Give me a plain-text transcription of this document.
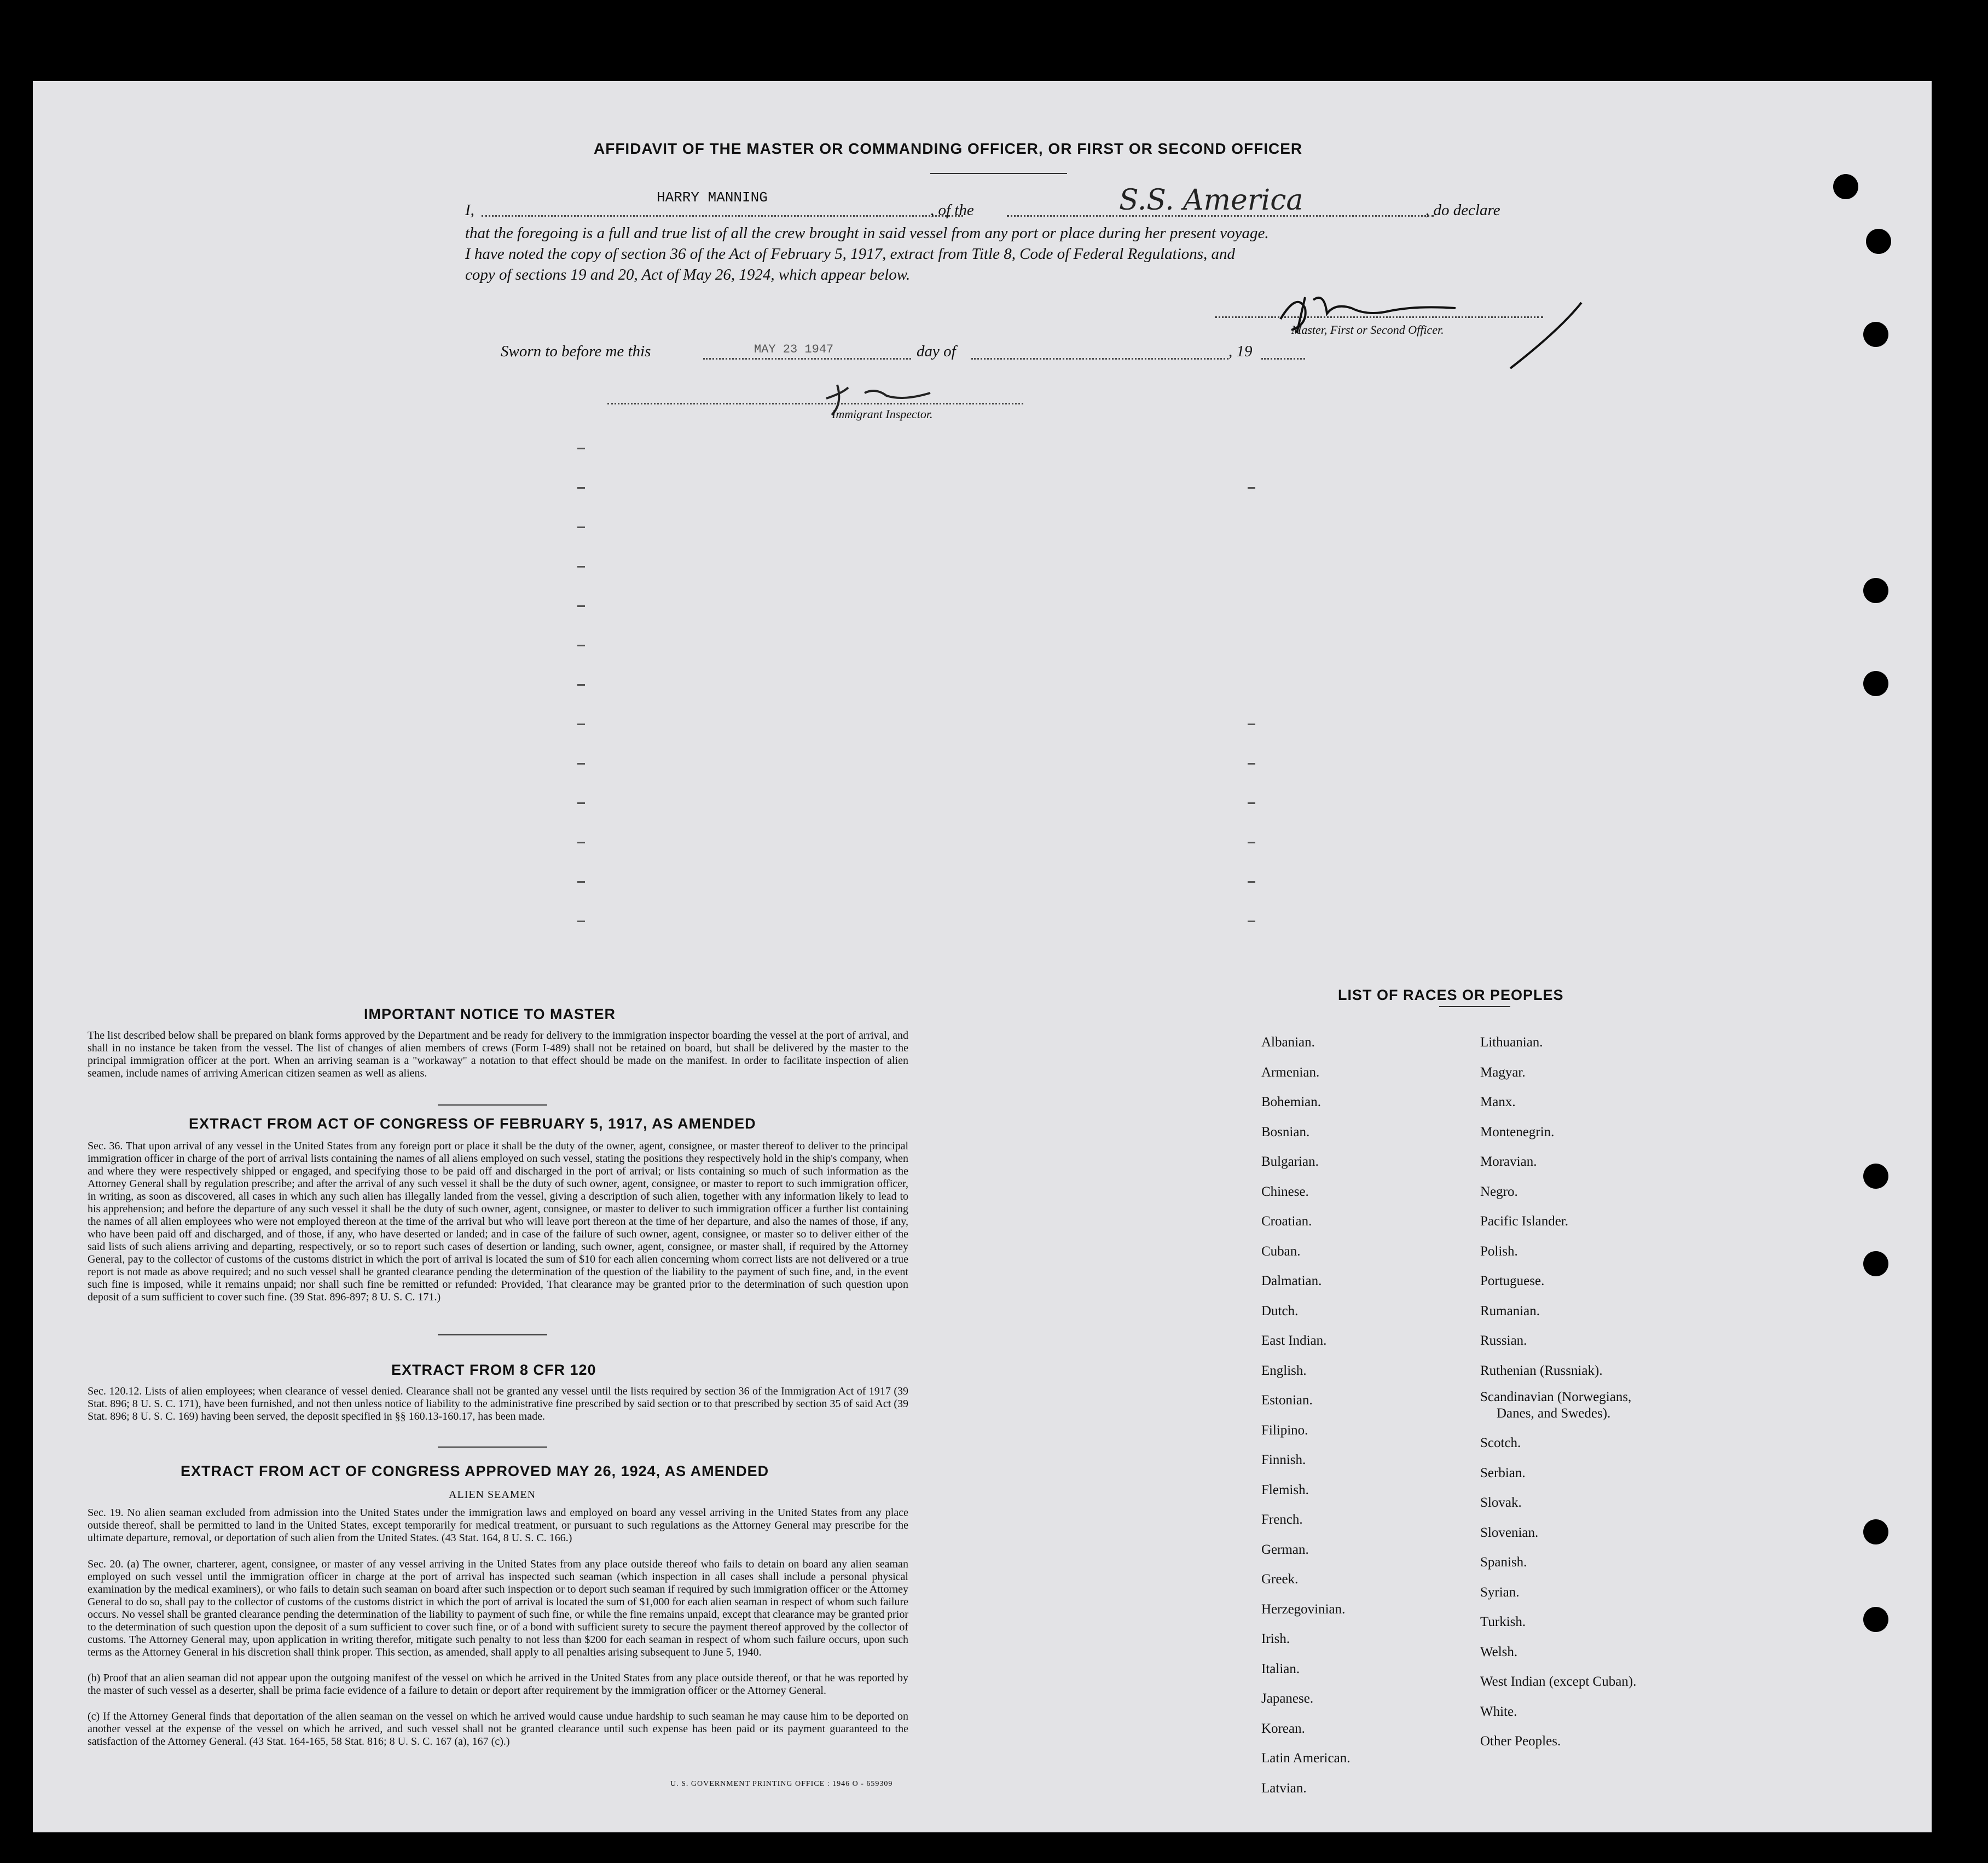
AFFIDAVIT OF THE MASTER OR COMMANDING OFFICER, OR FIRST OR SECOND OFFICER
I,
HARRY MANNING
, of the	S.S. America	, do declare
that the foregoing is a full and true list of all the crew brought in said vessel from any port or place during her present voyage.
I have noted the copy of section 36 of the Act of February 5, 1917, extract from Title 8, Code of Federal Regulations, and
copy of sections 19 and 20, Act of May 26, 1924, which appear below.
Master, First or Second Officer.
Sworn to before me this	MAY 23 1947	day of	, 19
Immigrant Inspector.
IMPORTANT NOTICE TO MASTER
The list described below shall be prepared on blank forms approved by the Department and be ready for delivery to the immigration inspector boarding the vessel at the port of arrival, and shall in no instance be taken from the vessel. The list of changes of alien members of crews (Form I-489) shall not be retained on board, but shall be delivered by the master to the principal immigration officer at the port. When an arriving seaman is a "workaway" a notation to that effect should be made on the manifest. In order to facilitate inspection of alien seamen, include names of arriving American citizen seamen as well as aliens.
EXTRACT FROM ACT OF CONGRESS OF FEBRUARY 5, 1917, AS AMENDED
Sec. 36. That upon arrival of any vessel in the United States from any foreign port or place it shall be the duty of the owner, agent, consignee, or master thereof to deliver to the principal immigration officer in charge of the port of arrival lists containing the names of all aliens employed on such vessel, stating the positions they respectively hold in the ship's company, when and where they were respectively shipped or engaged, and specifying those to be paid off and discharged in the port of arrival; or lists containing so much of such information as the Attorney General shall by regulation prescribe; and after the arrival of any such vessel it shall be the duty of such owner, agent, consignee, or master to report to such immigration officer, in writing, as soon as discovered, all cases in which any such alien has illegally landed from the vessel, giving a description of such alien, together with any information likely to lead to his apprehension; and before the departure of any such vessel it shall be the duty of such owner, agent, consignee, or master to deliver to such immigration officer a further list containing the names of all alien employees who were not employed thereon at the time of the arrival but who will leave port thereon at the time of her departure, and also the names of those, if any, who have been paid off and discharged, and of those, if any, who have deserted or landed; and in case of the failure of such owner, agent, consignee, or master so to deliver either of the said lists of such aliens arriving and departing, respectively, or so to report such cases of desertion or landing, such owner, agent, consignee, or master shall, if required by the Attorney General, pay to the collector of customs of the customs district in which the port of arrival is located the sum of $10 for each alien concerning whom correct lists are not delivered or a true report is not made as above required; and no such vessel shall be granted clearance pending the determination of the question of the liability to the payment of such fine, and, in the event such fine is imposed, while it remains unpaid; nor shall such fine be remitted or refunded: Provided, That clearance may be granted prior to the determination of such question upon deposit of a sum sufficient to cover such fine. (39 Stat. 896-897; 8 U. S. C. 171.)
EXTRACT FROM 8 CFR 120
Sec. 120.12. Lists of alien employees; when clearance of vessel denied. Clearance shall not be granted any vessel until the lists required by section 36 of the Immigration Act of 1917 (39 Stat. 896; 8 U. S. C. 171), have been furnished, and not then unless notice of liability to the administrative fine prescribed by said section or to that prescribed by section 35 of said Act (39 Stat. 896; 8 U. S. C. 169) having been served, the deposit specified in §§ 160.13-160.17, has been made.
EXTRACT FROM ACT OF CONGRESS APPROVED MAY 26, 1924, AS AMENDED
ALIEN SEAMEN
Sec. 19. No alien seaman excluded from admission into the United States under the immigration laws and employed on board any vessel arriving in the United States from any place outside thereof, shall be permitted to land in the United States, except temporarily for medical treatment, or pursuant to such regulations as the Attorney General may prescribe for the ultimate departure, removal, or deportation of such alien from the United States. (43 Stat. 164, 8 U. S. C. 166.)
Sec. 20. (a) The owner, charterer, agent, consignee, or master of any vessel arriving in the United States from any place outside thereof who fails to detain on board any alien seaman employed on such vessel until the immigration officer in charge at the port of arrival has inspected such seaman (which inspection in all cases shall include a personal physical examination by the medical examiners), or who fails to detain such seaman on board after such inspection or to deport such seaman if required by such immigration officer or the Attorney General to do so, shall pay to the collector of customs of the customs district in which the port of arrival is located the sum of $1,000 for each alien seaman in respect of whom such failure occurs. No vessel shall be granted clearance pending the determination of the liability to payment of such fine, or while the fine remains unpaid, except that clearance may be granted prior to the determination of such question upon the deposit of a sum sufficient to cover such fine, or of a bond with sufficient surety to secure the payment thereof approved by the collector of customs. The Attorney General may, upon application in writing therefor, mitigate such penalty to not less than $200 for each seaman in respect of whom such failure occurs, upon such terms as the Attorney General in his discretion shall think proper. This section, as amended, shall apply to all penalties arising subsequent to June 5, 1940.
(b) Proof that an alien seaman did not appear upon the outgoing manifest of the vessel on which he arrived in the United States from any place outside thereof, or that he was reported by the master of such vessel as a deserter, shall be prima facie evidence of a failure to detain or deport after requirement by the immigration officer or the Attorney General.
(c) If the Attorney General finds that deportation of the alien seaman on the vessel on which he arrived would cause undue hardship to such seaman he may cause him to be deported on another vessel at the expense of the vessel on which he arrived, and such vessel shall not be granted clearance until such expense has been paid or its payment guaranteed to the satisfaction of the Attorney General. (43 Stat. 164-165, 58 Stat. 816; 8 U. S. C. 167 (a), 167 (c).)
U. S. GOVERNMENT PRINTING OFFICE : 1946 O - 659309
LIST OF RACES OR PEOPLES
Albanian.
Armenian.
Bohemian.
Bosnian.
Bulgarian.
Chinese.
Croatian.
Cuban.
Dalmatian.
Dutch.
East Indian.
English.
Estonian.
Filipino.
Finnish.
Flemish.
French.
German.
Greek.
Herzegovinian.
Irish.
Italian.
Japanese.
Korean.
Latin American.
Latvian.
Lithuanian.
Magyar.
Manx.
Montenegrin.
Moravian.
Negro.
Pacific Islander.
Polish.
Portuguese.
Rumanian.
Russian.
Ruthenian (Russniak).
Scandinavian (Norwegians,
Danes, and Swedes).
Scotch.
Serbian.
Slovak.
Slovenian.
Spanish.
Syrian.
Turkish.
Welsh.
West Indian (except Cuban).
White.
Other Peoples.
